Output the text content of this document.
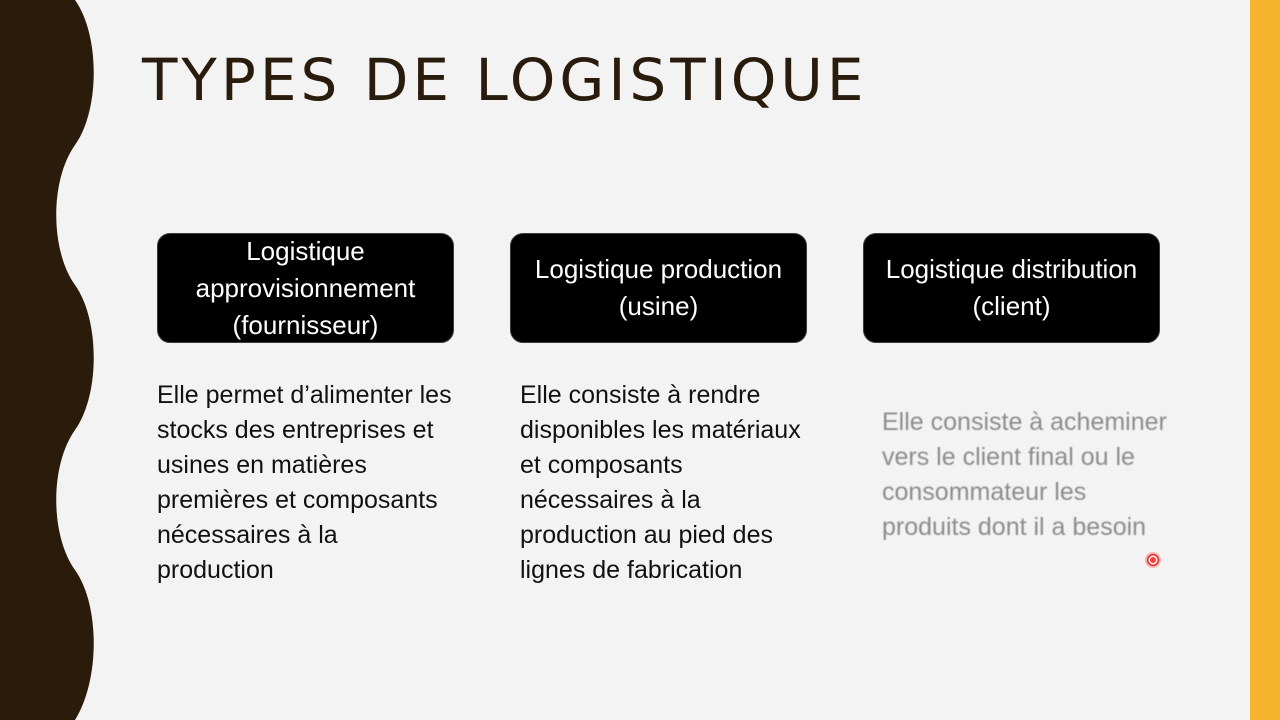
TYPES DE LOGISTIQUE
Logistique approvisionnement (fournisseur)
Logistique production (usine)
Logistique distribution (client)
Elle permet d’alimenter les stocks des entreprises et usines en matières premières et composants nécessaires à la production
Elle consiste à rendre disponibles les matériaux et composants nécessaires à la production au pied des lignes de fabrication
Elle consiste à acheminer vers le client final ou le consommateur les produits dont il a besoin
